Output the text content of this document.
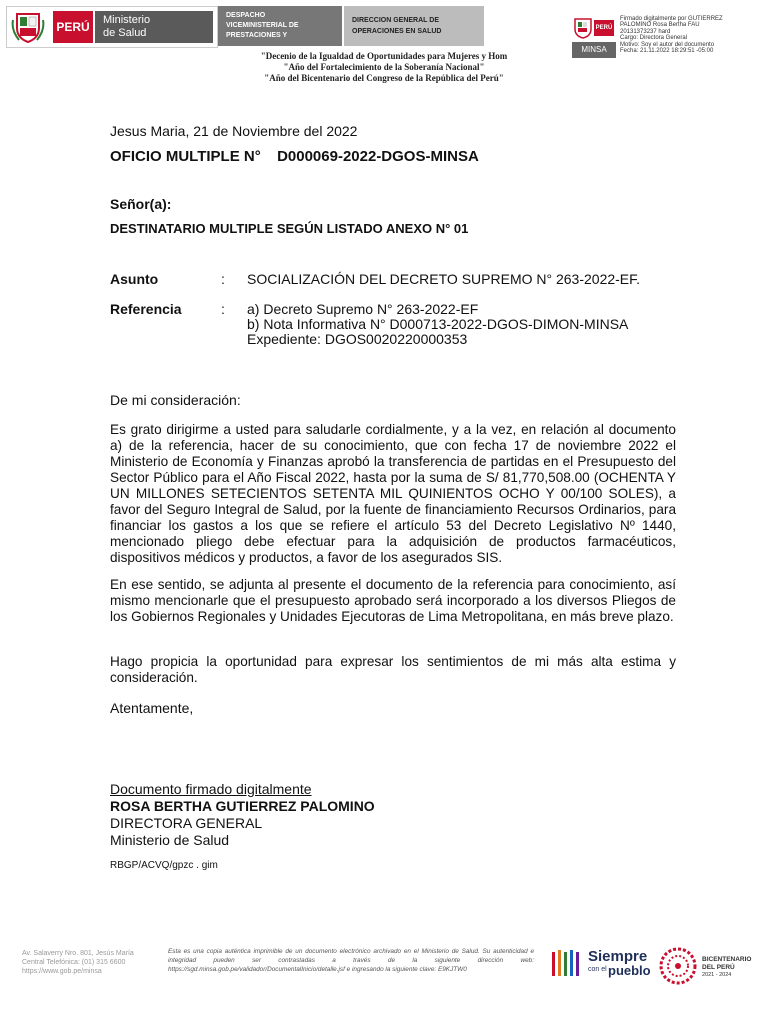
PERÚ	Ministerio
de Salud
DESPACHO
VICEMINISTERIAL DE
PRESTACIONES Y
DIRECCION GENERAL DE
OPERACIONES EN SALUD
"Decenio de la Igualdad de Oportunidades para Mujeres y Hom
"Año del Fortalecimiento de la Soberanía Nacional"
"Año del Bicentenario del Congreso de la República del Perú"
PERÚ
MINSA
Firmado digitalmente por GUTIERREZ
PALOMINO Rosa Bertha FAU
20131373237 hard
Cargo: Directora General
Motivo: Soy el autor del documento
Fecha: 21.11.2022 18:29:51 -05:00
Jesus Maria, 21 de Noviembre del 2022
OFICIO MULTIPLE N° D000069-2022-DGOS-MINSA
Señor(a):
DESTINATARIO MULTIPLE SEGÚN LISTADO ANEXO N° 01
Asunto	: SOCIALIZACIÓN DEL DECRETO SUPREMO N° 263-2022-EF.
Referencia	: a) Decreto Supremo N° 263-2022-EF
b) Nota Informativa N° D000713-2022-DGOS-DIMON-MINSA
Expediente: DGOS0020220000353
De mi consideración:
Es grato dirigirme a usted para saludarle cordialmente, y a la vez, en relación al documento a) de la referencia, hacer de su conocimiento, que con fecha 17 de noviembre 2022 el Ministerio de Economía y Finanzas aprobó la transferencia de partidas en el Presupuesto del Sector Público para el Año Fiscal 2022, hasta por la suma de S/ 81,770,508.00 (OCHENTA Y UN MILLONES SETECIENTOS SETENTA MIL QUINIENTOS OCHO Y 00/100 SOLES), a favor del Seguro Integral de Salud, por la fuente de financiamiento Recursos Ordinarios, para financiar los gastos a los que se refiere el artículo 53 del Decreto Legislativo Nº 1440, mencionado pliego debe efectuar para la adquisición de productos farmacéuticos, dispositivos médicos y productos, a favor de los asegurados SIS.
En ese sentido, se adjunta al presente el documento de la referencia para conocimiento, así mismo mencionarle que el presupuesto aprobado será incorporado a los diversos Pliegos de los Gobiernos Regionales y Unidades Ejecutoras de Lima Metropolitana, en más breve plazo.
Hago propicia la oportunidad para expresar los sentimientos de mi más alta estima y consideración.
Atentamente,
Documento firmado digitalmente
ROSA BERTHA GUTIERREZ PALOMINO
DIRECTORA GENERAL
Ministerio de Salud
RBGP/ACVQ/gpzc . gim
Av. Salaverry Nro. 801, Jesús María
Central Telefónica: (01) 315 6600
https://www.gob.pe/minsa
Esta es una copia auténtica imprimible de un documento electrónico archivado en el Ministerio de Salud. Su autenticidad e integridad pueden ser contrastadas a través de la siguiente dirección web: https://sgd.minsa.gob.pe/validador/DocumentalInicio/detalle.jsf e ingresando la siguiente clave: E9KJTW0
Siempre
con el pueblo
BICENTENARIO
DEL PERÚ
2021 - 2024
